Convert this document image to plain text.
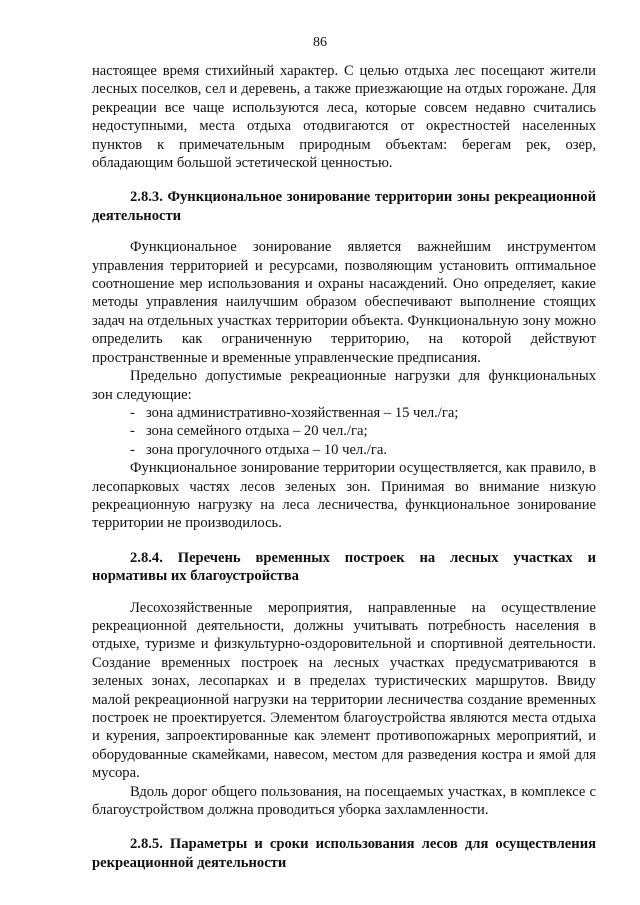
86

настоящее время стихийный характер. С целью отдыха лес посещают жители лесных поселков, сел и деревень, а также приезжающие на отдых горожане. Для рекреации все чаще используются леса, которые совсем недавно считались недоступными, места отдыха отодвигаются от окрестностей населенных пунктов к примечательным природным объектам: берегам рек, озер, обладающим большой эстетической ценностью.

2.8.3. Функциональное зонирование территории зоны рекреационной деятельности

Функциональное зонирование является важнейшим инструментом управления территорией и ресурсами, позволяющим установить оптимальное соотношение мер использования и охраны насаждений. Оно определяет, какие методы управления наилучшим образом обеспечивают выполнение стоящих задач на отдельных участках территории объекта. Функциональную зону можно определить как ограниченную территорию, на которой действуют пространственные и временные управленческие предписания.

Предельно допустимые рекреационные нагрузки для функциональных зон следующие:

- зона административно-хозяйственная – 15 чел./га;
- зона семейного отдыха – 20 чел./га;
- зона прогулочного отдыха – 10 чел./га.

Функциональное зонирование территории осуществляется, как правило, в лесопарковых частях лесов зеленых зон. Принимая во внимание низкую рекреационную нагрузку на леса лесничества, функциональное зонирование территории не производилось.

2.8.4. Перечень временных построек на лесных участках и нормативы их благоустройства

Лесохозяйственные мероприятия, направленные на осуществление рекреационной деятельности, должны учитывать потребность населения в отдыхе, туризме и физкультурно-оздоровительной и спортивной деятельности. Создание временных построек на лесных участках предусматриваются в зеленых зонах, лесопарках и в пределах туристических маршрутов. Ввиду малой рекреационной нагрузки на территории лесничества создание временных построек не проектируется. Элементом благоустройства являются места отдыха и курения, запроектированные как элемент противопожарных мероприятий, и оборудованные скамейками, навесом, местом для разведения костра и ямой для мусора.

Вдоль дорог общего пользования, на посещаемых участках, в комплексе с благоустройством должна проводиться уборка захламленности.

2.8.5. Параметры и сроки использования лесов для осуществления рекреационной деятельности
